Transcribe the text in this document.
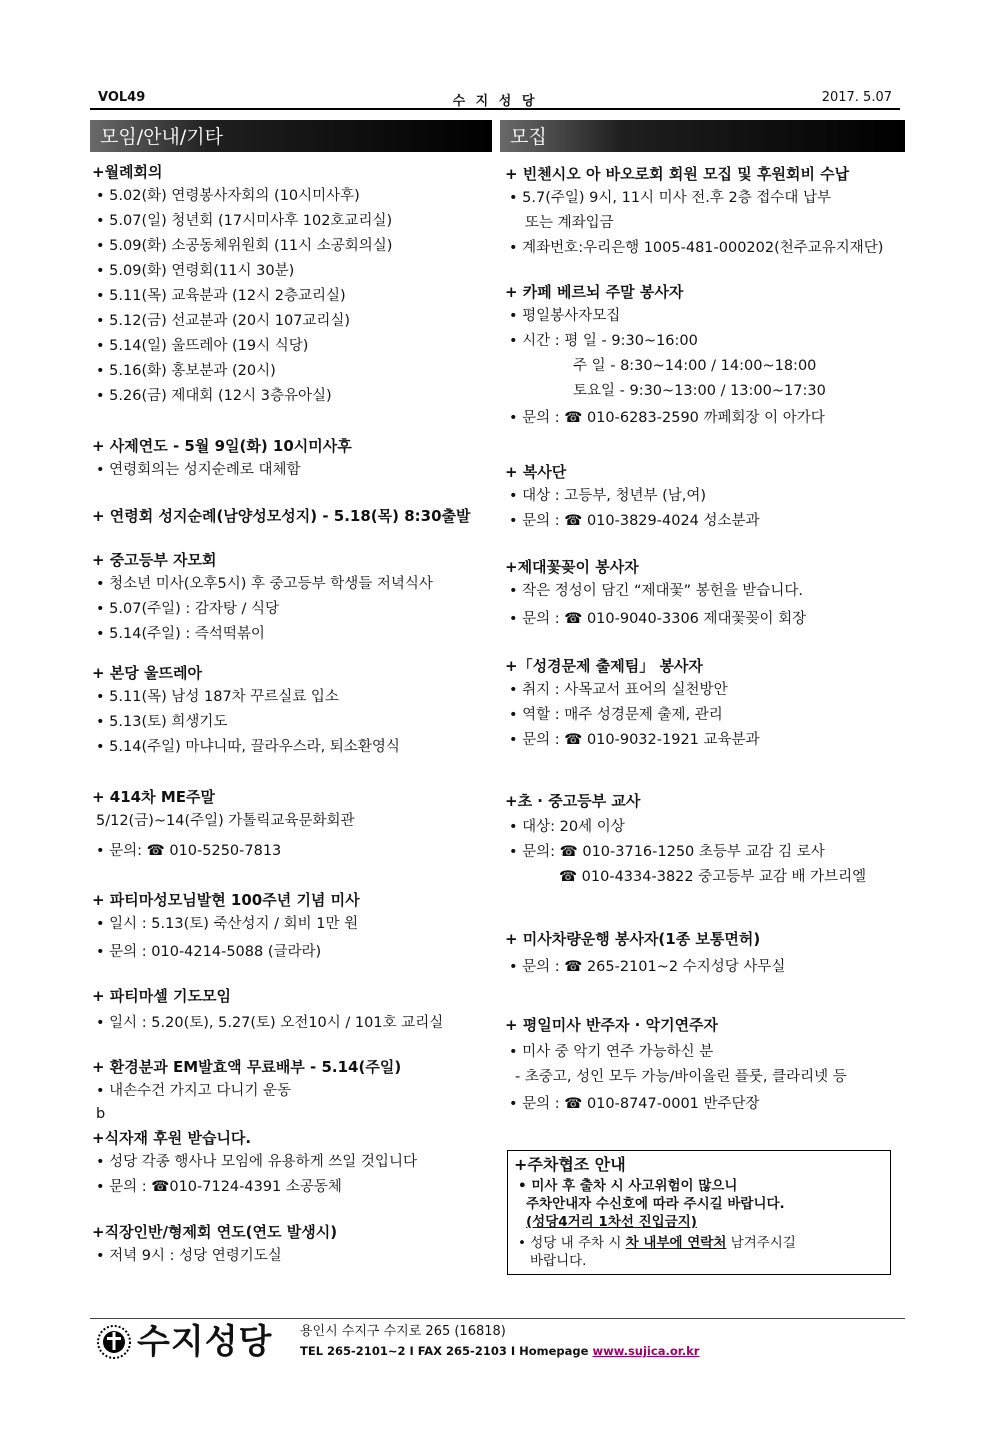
VOL49	수 지 성 당	2017. 5.07
모임/안내/기타	모집
+월례회의
• 5.02(화) 연령봉사자회의 (10시미사후)
• 5.07(일) 청년회 (17시미사후 102호교리실)
• 5.09(화) 소공동체위원회 (11시 소공회의실)
• 5.09(화) 연령회(11시 30분)
• 5.11(목) 교육분과 (12시 2층교리실)
• 5.12(금) 선교분과 (20시 107교리실)
• 5.14(일) 울뜨레아 (19시 식당)
• 5.16(화) 홍보분과 (20시)
• 5.26(금) 제대회 (12시 3층유아실)
+ 사제연도 - 5월 9일(화) 10시미사후
• 연령회의는 성지순례로 대체함
+ 연령회 성지순례(남양성모성지) - 5.18(목) 8:30출발
+ 중고등부 자모회
• 청소년 미사(오후5시) 후 중고등부 학생들 저녁식사
• 5.07(주일) : 감자탕 / 식당
• 5.14(주일) : 즉석떡볶이
+ 본당 울뜨레아
• 5.11(목) 남성 187차 꾸르실료 입소
• 5.13(토) 희생기도
• 5.14(주일) 마냐니따, 끌라우스라, 퇴소환영식
+ 414차 ME주말
5/12(금)~14(주일) 가톨릭교육문화회관
• 문의: ☎ 010-5250-7813
+ 파티마성모님발현 100주년 기념 미사
• 일시 : 5.13(토) 죽산성지 / 회비 1만 원
• 문의 : 010-4214-5088 (글라라)
+ 파티마셀 기도모임
• 일시 : 5.20(토), 5.27(토) 오전10시 / 101호 교리실
+ 환경분과 EM발효액 무료배부 - 5.14(주일)
• 내손수건 가지고 다니기 운동
b
+식자재 후원 받습니다.
• 성당 각종 행사나 모임에 유용하게 쓰일 것입니다
• 문의 : ☎010-7124-4391 소공동체
+직장인반/형제회 연도(연도 발생시)
• 저녁 9시 : 성당 연령기도실
+ 빈첸시오 아 바오로회 회원 모집 및 후원회비 수납
• 5.7(주일) 9시, 11시 미사 전.후 2층 접수대 납부
또는 계좌입금
• 계좌번호:우리은행 1005-481-000202(천주교유지재단)
+ 카페 베르뇌 주말 봉사자
• 평일봉사자모집
• 시간 : 평 일 - 9:30~16:00
주 일 - 8:30~14:00 / 14:00~18:00
토요일 - 9:30~13:00 / 13:00~17:30
• 문의 : ☎ 010-6283-2590 까페회장 이 아가다
+ 복사단
• 대상 : 고등부, 청년부 (남,여)
• 문의 : ☎ 010-3829-4024 성소분과
+제대꽃꽂이 봉사자
• 작은 정성이 담긴 “제대꽃” 봉헌을 받습니다.
• 문의 : ☎ 010-9040-3306 제대꽃꽂이 회장
+「성경문제 출제팀」 봉사자
• 취지 : 사목교서 표어의 실천방안
• 역할 : 매주 성경문제 출제, 관리
• 문의 : ☎ 010-9032-1921 교육분과
+초 · 중고등부 교사
• 대상: 20세 이상
• 문의: ☎ 010-3716-1250 초등부 교감 김 로사
☎ 010-4334-3822 중고등부 교감 배 가브리엘
+ 미사차량운행 봉사자(1종 보통면허)
• 문의 : ☎ 265-2101~2 수지성당 사무실
+ 평일미사 반주자 · 악기연주자
• 미사 중 악기 연주 가능하신 분
- 초중고, 성인 모두 가능/바이올린 플룻, 클라리넷 등
• 문의 : ☎ 010-8747-0001 반주단장
+주차협조 안내
• 미사 후 출차 시 사고위험이 많으니
주차안내자 수신호에 따라 주시길 바랍니다.
(성당4거리 1차선 진입금지)
• 성당 내 주차 시 차 내부에 연락처 남겨주시길
바랍니다.
수지성당 용인시 수지구 수지로 265 (16818)
TEL 265-2101~2 I FAX 265-2103 I Homepage www.sujica.or.kr
